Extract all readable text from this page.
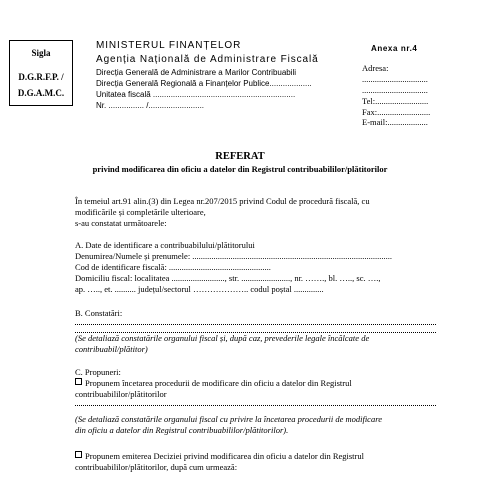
Sigla
D.G.R.F.P. /
D.G.A.M.C.
MINISTERUL FINANȚELOR
Agenția Națională de Administrare Fiscală
Direcția Generală de Administrare a Marilor Contribuabili
Direcția Generală Regională a Finanțelor Publice...................
Unitatea fiscală ................................................................
Nr. ................ /.........................
Anexa nr.4
Adresa:
...............................
...............................
Tel:.........................
Fax:.........................
E-mail:...................
REFERAT
privind modificarea din oficiu a datelor din Registrul contribuabililor/plătitorilor
În temeiul art.91 alin.(3) din Legea nr.207/2015 privind Codul de procedură fiscală, cu
modificările și completările ulterioare,
s-au constatat următoarele:
A. Date de identificare a contribuabilului/plătitorului
Denumirea/Numele și prenumele: ..............................................................................................
Cod de identificare fiscală: ................................................
Domiciliu fiscal: localitatea ........................., str. ......................., nr. ……., bl. ….., sc. ….,
ap. ….., et. .......... județul/sectorul ……………….. codul poștal ..............
B. Constatări:
(Se detaliază constatările organului fiscal și, după caz, prevederile legale încălcate de
contribuabil/plătitor)
C. Propuneri:
Propunem încetarea procedurii de modificare din oficiu a datelor din Registrul
contribuabililor/plătitorilor
(Se detaliază constatările organului fiscal cu privire la încetarea procedurii de modificare
din oficiu a datelor din Registrul contribuabililor/plătitorilor).
Propunem emiterea Deciziei privind modificarea din oficiu a datelor din Registrul
contribuabililor/plătitorilor, după cum urmează:
